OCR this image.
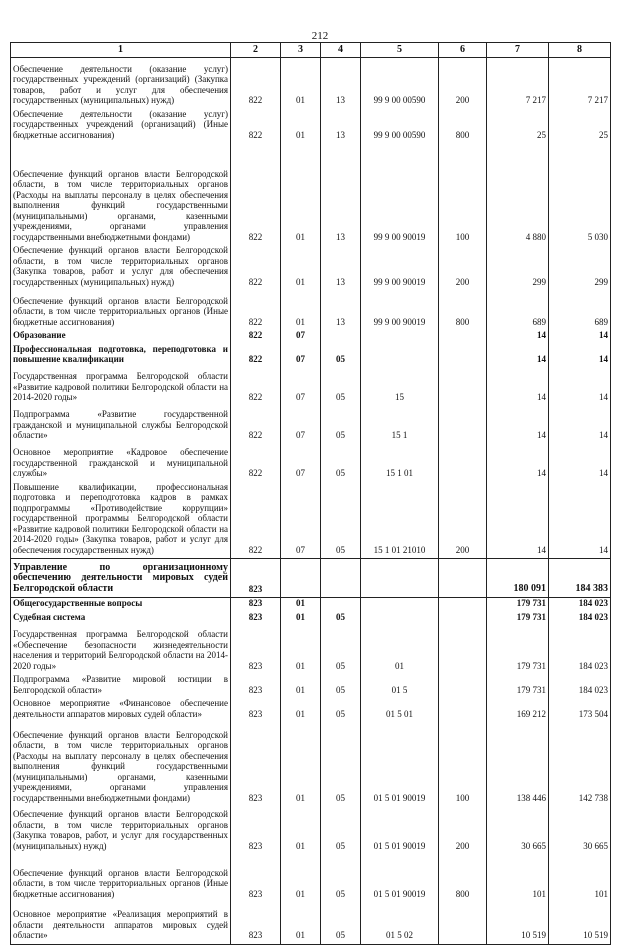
212
1	2	3	4	5	6	7	8
Обеспечение деятельности (оказание услуг) государственных учреждений (организаций) (Закупка товаров, работ и услуг для обеспечения государственных (муниципальных) нужд)	822	01	13	99 9 00 00590	200	7 217	7 217
Обеспечение деятельности (оказание услуг) государственных учреждений (организаций) (Иные бюджетные ассигнования)	822	01	13	99 9 00 00590	800	25	25
Обеспечение функций органов власти Белгородской области, в том числе территориальных органов (Расходы на выплаты персоналу в целях обеспечения выполнения функций государственными (муниципальными) органами, казенными учреждениями, органами управления государственными внебюджетными фондами)	822	01	13	99 9 00 90019	100	4 880	5 030
Обеспечение функций органов власти Белгородской области, в том числе территориальных органов (Закупка товаров, работ и услуг для обеспечения государственных (муниципальных) нужд)	822	01	13	99 9 00 90019	200	299	299
Обеспечение функций органов власти Белгородской области, в том числе территориальных органов (Иные бюджетные ассигнования)	822	01	13	99 9 00 90019	800	689	689
Образование	822	07				14	14
Профессиональная подготовка, переподготовка и повышение квалификации	822	07	05			14	14
Государственная программа Белгородской области «Развитие кадровой политики Белгородской области на 2014-2020 годы»	822	07	05	15		14	14
Подпрограмма «Развитие государственной гражданской и муниципальной службы Белгородской области»	822	07	05	15 1		14	14
Основное мероприятие «Кадровое обеспечение государственной гражданской и муниципальной службы»	822	07	05	15 1 01		14	14
Повышение квалификации, профессиональная подготовка и переподготовка кадров в рамках подпрограммы «Противодействие коррупции» государственной программы Белгородской области «Развитие кадровой политики Белгородской области на 2014-2020 годы» (Закупка товаров, работ и услуг для обеспечения государственных нужд)	822	07	05	15 1 01 21010	200	14	14
Управление по организационному обеспечению деятельности мировых судей Белгородской области	823					180 091	184 383
Общегосударственные вопросы	823	01				179 731	184 023
Судебная система	823	01	05			179 731	184 023
Государственная программа Белгородской области «Обеспечение безопасности жизнедеятельности населения и территорий Белгородской области на 2014-2020 годы»	823	01	05	01		179 731	184 023
Подпрограмма «Развитие мировой юстиции в Белгородской области»	823	01	05	01 5		179 731	184 023
Основное мероприятие «Финансовое обеспечение деятельности аппаратов мировых судей области»	823	01	05	01 5 01		169 212	173 504
Обеспечение функций органов власти Белгородской области, в том числе территориальных органов (Расходы на выплату персоналу в целях обеспечения выполнения функций государственными (муниципальными) органами, казенными учреждениями, органами управления государственными внебюджетными фондами)	823	01	05	01 5 01 90019	100	138 446	142 738
Обеспечение функций органов власти Белгородской области, в том числе территориальных органов (Закупка товаров, работ, и услуг для государственных (муниципальных) нужд)	823	01	05	01 5 01 90019	200	30 665	30 665
Обеспечение функций органов власти Белгородской области, в том числе территориальных органов (Иные бюджетные ассигнования)	823	01	05	01 5 01 90019	800	101	101
Основное мероприятие «Реализация мероприятий в области деятельности аппаратов мировых судей области»	823	01	05	01 5 02		10 519	10 519
